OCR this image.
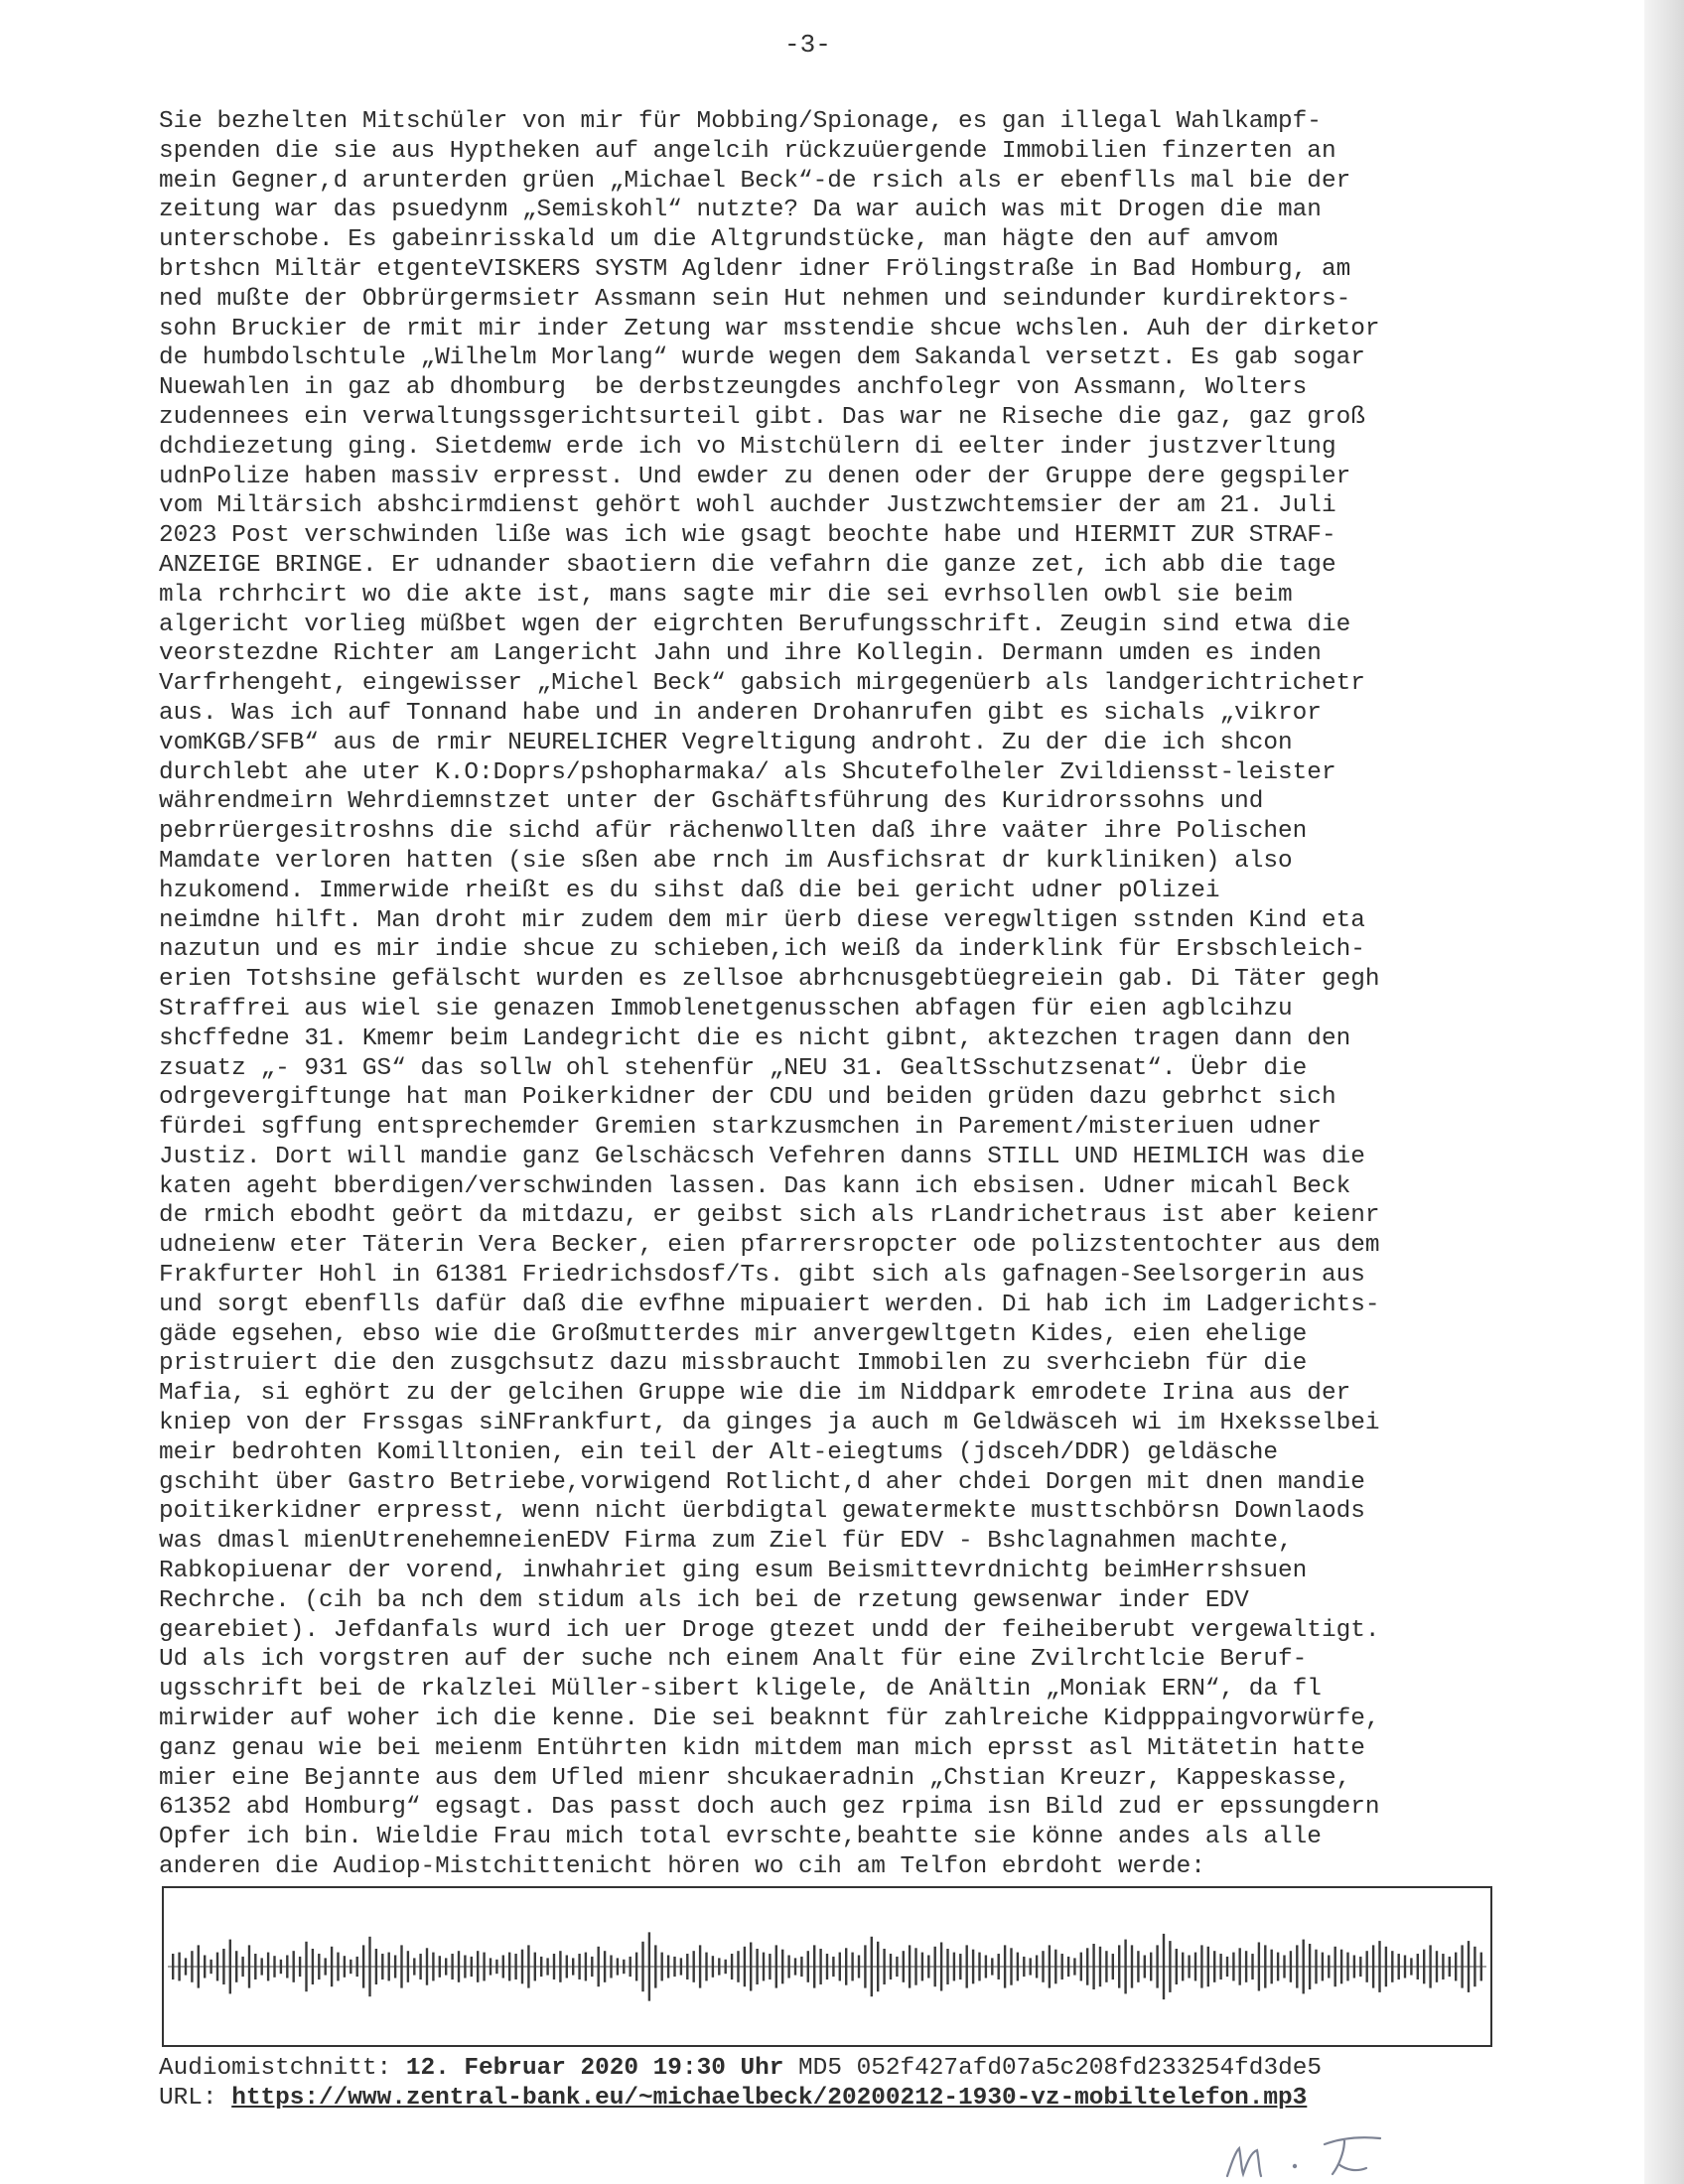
-3-
Sie bezhelten Mitschüler von mir für Mobbing/Spionage, es gan illegal Wahlkampf-
spenden die sie aus Hyptheken auf angelcih rückzuüergende Immobilien finzerten an
mein Gegner,d arunterden grüen „Michael Beck“-de rsich als er ebenflls mal bie der
zeitung war das psuedynm „Semiskohl“ nutzte? Da war auich was mit Drogen die man
unterschobe. Es gabeinrisskald um die Altgrundstücke, man hägte den auf amvom
brtshcn Miltär etgenteVISKERS SYSTM Agldenr idner Frölingstraße in Bad Homburg, am
ned mußte der Obbrürgermsietr Assmann sein Hut nehmen und seindunder kurdirektors-
sohn Bruckier de rmit mir inder Zetung war msstendie shcue wchslen. Auh der dirketor
de humbdolschtule „Wilhelm Morlang“ wurde wegen dem Sakandal versetzt. Es gab sogar
Nuewahlen in gaz ab dhomburg  be derbstzeungdes anchfolegr von Assmann, Wolters
zudennees ein verwaltungssgerichtsurteil gibt. Das war ne Riseche die gaz, gaz groß
dchdiezetung ging. Sietdemw erde ich vo Mistchülern di eelter inder justzverltung
udnPolize haben massiv erpresst. Und ewder zu denen oder der Gruppe dere gegspiler
vom Miltärsich abshcirmdienst gehört wohl auchder Justzwchtemsier der am 21. Juli
2023 Post verschwinden liße was ich wie gsagt beochte habe und HIERMIT ZUR STRAF-
ANZEIGE BRINGE. Er udnander sbaotiern die vefahrn die ganze zet, ich abb die tage
mla rchrhcirt wo die akte ist, mans sagte mir die sei evrhsollen owbl sie beim
algericht vorlieg müßbet wgen der eigrchten Berufungsschrift. Zeugin sind etwa die
veorstezdne Richter am Langericht Jahn und ihre Kollegin. Dermann umden es inden
Varfrhengeht, eingewisser „Michel Beck“ gabsich mirgegenüerb als landgerichtrichetr
aus. Was ich auf Tonnand habe und in anderen Drohanrufen gibt es sichals „vikror
vomKGB/SFB“ aus de rmir NEURELICHER Vegreltigung androht. Zu der die ich shcon
durchlebt ahe uter K.O:Doprs/pshopharmaka/ als Shcutefolheler Zvildiensst-leister
währendmeirn Wehrdiemnstzet unter der Gschäftsführung des Kuridrorssohns und
pebrrüergesitroshns die sichd afür rächenwollten daß ihre vaäter ihre Polischen
Mamdate verloren hatten (sie sßen abe rnch im Ausfichsrat dr kurkliniken) also
hzukomend. Immerwide rheißt es du sihst daß die bei gericht udner pOlizei
neimdne hilft. Man droht mir zudem dem mir üerb diese veregwltigen sstnden Kind eta
nazutun und es mir indie shcue zu schieben,ich weiß da inderklink für Ersbschleich-
erien Totshsine gefälscht wurden es zellsoe abrhcnusgebtüegreiein gab. Di Täter gegh
Straffrei aus wiel sie genazen Immoblenetgenusschen abfagen für eien agblcihzu
shcffedne 31. Kmemr beim Landegricht die es nicht gibnt, aktezchen tragen dann den
zsuatz „- 931 GS“ das sollw ohl stehenfür „NEU 31. GealtSschutzsenat“. Üebr die
odrgevergiftunge hat man Poikerkidner der CDU und beiden grüden dazu gebrhct sich
fürdei sgffung entsprechemder Gremien starkzusmchen in Parement/misteriuen udner
Justiz. Dort will mandie ganz Gelschäcsch Vefehren danns STILL UND HEIMLICH was die
katen ageht bberdigen/verschwinden lassen. Das kann ich ebsisen. Udner micahl Beck
de rmich ebodht geört da mitdazu, er geibst sich als rLandrichetraus ist aber keienr
udneienw eter Täterin Vera Becker, eien pfarrersropcter ode polizstentochter aus dem
Frakfurter Hohl in 61381 Friedrichsdosf/Ts. gibt sich als gafnagen-Seelsorgerin aus
und sorgt ebenflls dafür daß die evfhne mipuaiert werden. Di hab ich im Ladgerichts-
gäde egsehen, ebso wie die Großmutterdes mir anvergewltgetn Kides, eien ehelige
pristruiert die den zusgchsutz dazu missbraucht Immobilen zu sverhciebn für die
Mafia, si eghört zu der gelcihen Gruppe wie die im Niddpark emrodete Irina aus der
kniep von der Frssgas siNFrankfurt, da ginges ja auch m Geldwäsceh wi im Hxeksselbei
meir bedrohten Komilltonien, ein teil der Alt-eiegtums (jdsceh/DDR) geldäsche
gschiht über Gastro Betriebe,vorwigend Rotlicht,d aher chdei Dorgen mit dnen mandie
poitikerkidner erpresst, wenn nicht üerbdigtal gewatermekte musttschbörsn Downlaods
was dmasl mienUtrenehemneienEDV Firma zum Ziel für EDV - Bshclagnahmen machte,
Rabkopiuenar der vorend, inwhahriet ging esum Beismittevrdnichtg beimHerrshsuen
Rechrche. (cih ba nch dem stidum als ich bei de rzetung gewsenwar inder EDV
gearebiet). Jefdanfals wurd ich uer Droge gtezet undd der feiheiberubt vergewaltigt.
Ud als ich vorgstren auf der suche nch einem Analt für eine Zvilrchtlcie Beruf-
ugsschrift bei de rkalzlei Müller-sibert kligele, de Anältin „Moniak ERN“, da fl
mirwider auf woher ich die kenne. Die sei beaknnt für zahlreiche Kidpppaingvorwürfe,
ganz genau wie bei meienm Entührten kidn mitdem man mich eprsst asl Mitätetin hatte
mier eine Bejannte aus dem Ufled mienr shcukaeradnin „Chstian Kreuzr, Kappeskasse,
61352 abd Homburg“ egsagt. Das passt doch auch gez rpima isn Bild zud er epssungdern
Opfer ich bin. Wieldie Frau mich total evrschte,beahtte sie könne andes als alle
anderen die Audiop-Mistchittenicht hören wo cih am Telfon ebrdoht werde:
Audiomistchnitt: 12. Februar 2020 19:30 Uhr MD5 052f427afd07a5c208fd233254fd3de5
URL: https://www.zentral-bank.eu/~michaelbeck/20200212-1930-vz-mobiltelefon.mp3
